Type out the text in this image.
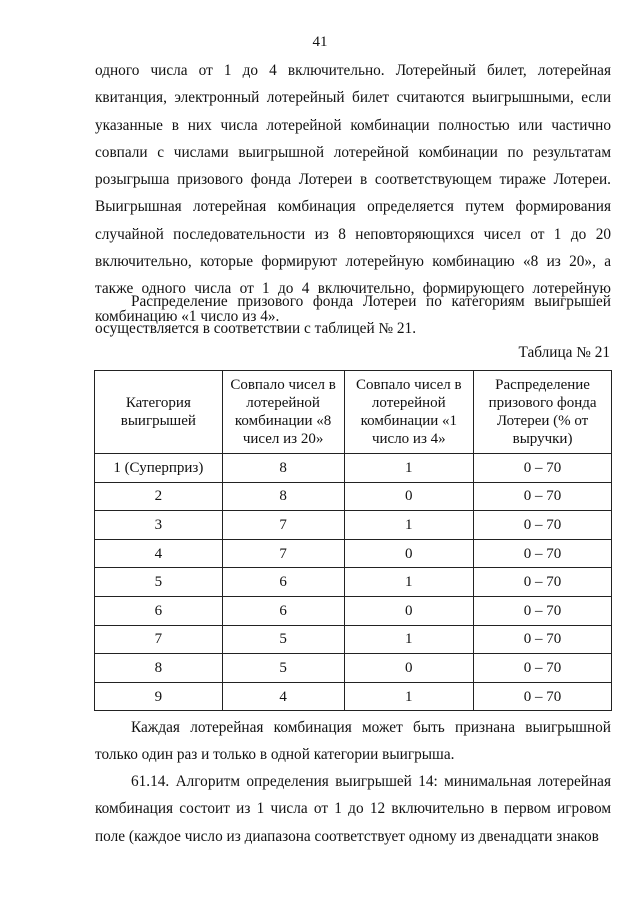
41

одного числа от 1 до 4 включительно. Лотерейный билет, лотерейная квитанция, электронный лотерейный билет считаются выигрышными, если указанные в них числа лотерейной комбинации полностью или частично совпали с числами выигрышной лотерейной комбинации по результатам розыгрыша призового фонда Лотереи в соответствующем тираже Лотереи. Выигрышная лотерейная комбинация определяется путем формирования случайной последовательности из 8 неповторяющихся чисел от 1 до 20 включительно, которые формируют лотерейную комбинацию «8 из 20», а также одного числа от 1 до 4 включительно, формирующего лотерейную комбинацию «1 число из 4».

Распределение призового фонда Лотереи по категориям выигрышей осуществляется в соответствии с таблицей № 21.

Таблица № 21
Категория выигрышей	Совпало чисел в лотерейной комбинации «8 чисел из 20»	Совпало чисел в лотерейной комбинации «1 число из 4»	Распределение призового фонда Лотереи (% от выручки)
1 (Суперприз)	8	1	0 – 70
2	8	0	0 – 70
3	7	1	0 – 70
4	7	0	0 – 70
5	6	1	0 – 70
6	6	0	0 – 70
7	5	1	0 – 70
8	5	0	0 – 70
9	4	1	0 – 70

Каждая лотерейная комбинация может быть признана выигрышной только один раз и только в одной категории выигрыша.

61.14. Алгоритм определения выигрышей 14: минимальная лотерейная комбинация состоит из 1 числа от 1 до 12 включительно в первом игровом поле (каждое число из диапазона соответствует одному из двенадцати знаков
